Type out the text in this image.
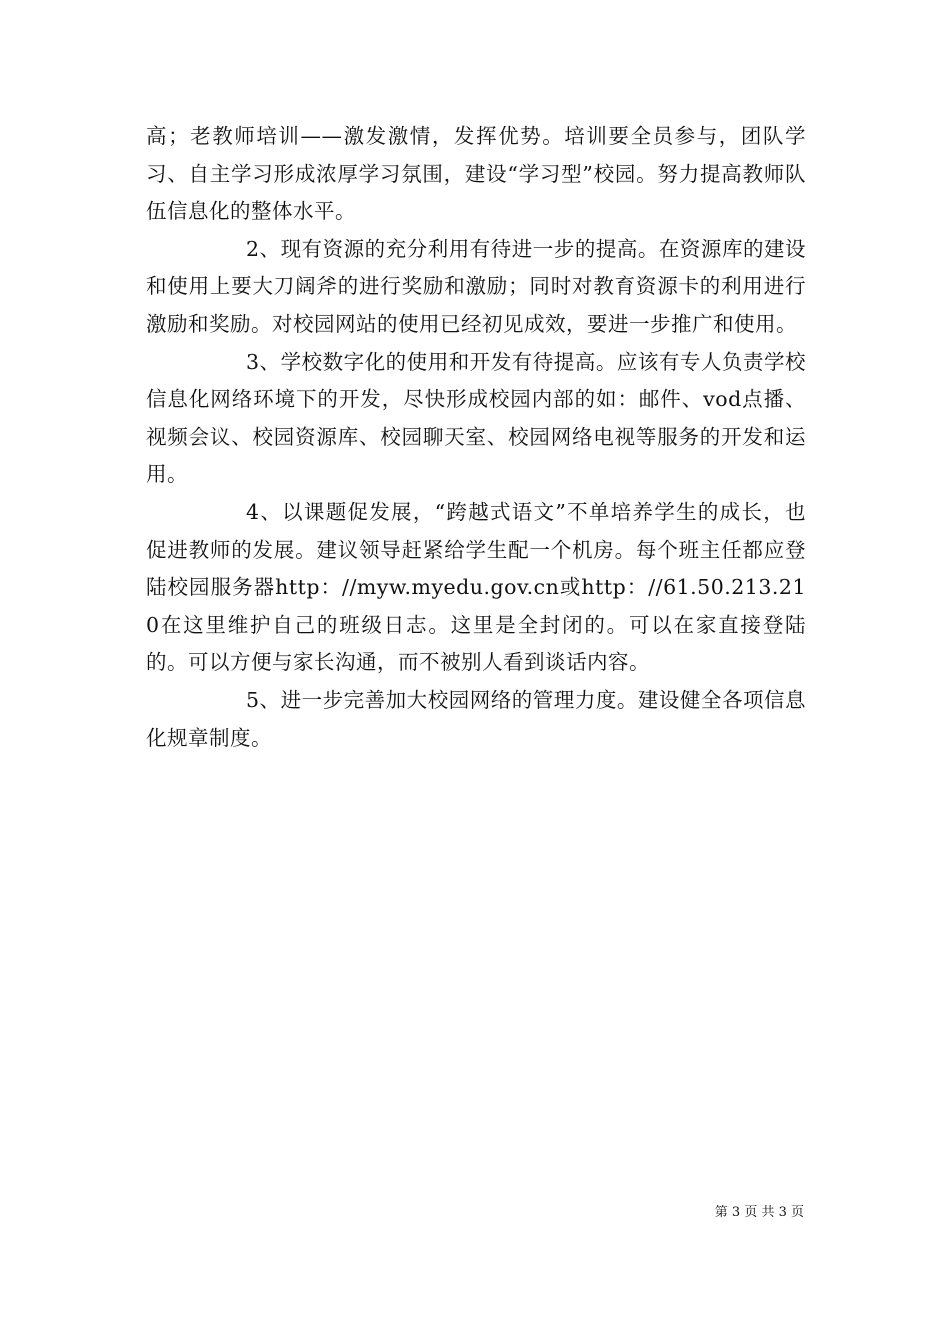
高；老教师培训——激发激情，发挥优势。培训要全员参与，团队学习、自主学习形成浓厚学习氛围，建设“学习型”校园。努力提高教师队伍信息化的整体水平。

2、现有资源的充分利用有待进一步的提高。在资源库的建设和使用上要大刀阔斧的进行奖励和激励；同时对教育资源卡的利用进行激励和奖励。对校园网站的使用已经初见成效，要进一步推广和使用。

3、学校数字化的使用和开发有待提高。应该有专人负责学校信息化网络环境下的开发，尽快形成校园内部的如：邮件、vod点播、视频会议、校园资源库、校园聊天室、校园网络电视等服务的开发和运用。

4、以课题促发展，“跨越式语文”不单培养学生的成长，也促进教师的发展。建议领导赶紧给学生配一个机房。每个班主任都应登陆校园服务器http：//myw.myedu.gov.cn或http：//61.50.213.210在这里维护自己的班级日志。这里是全封闭的。可以在家直接登陆的。可以方便与家长沟通，而不被别人看到谈话内容。

5、进一步完善加大校园网络的管理力度。建设健全各项信息化规章制度。

第 3 页 共 3 页
